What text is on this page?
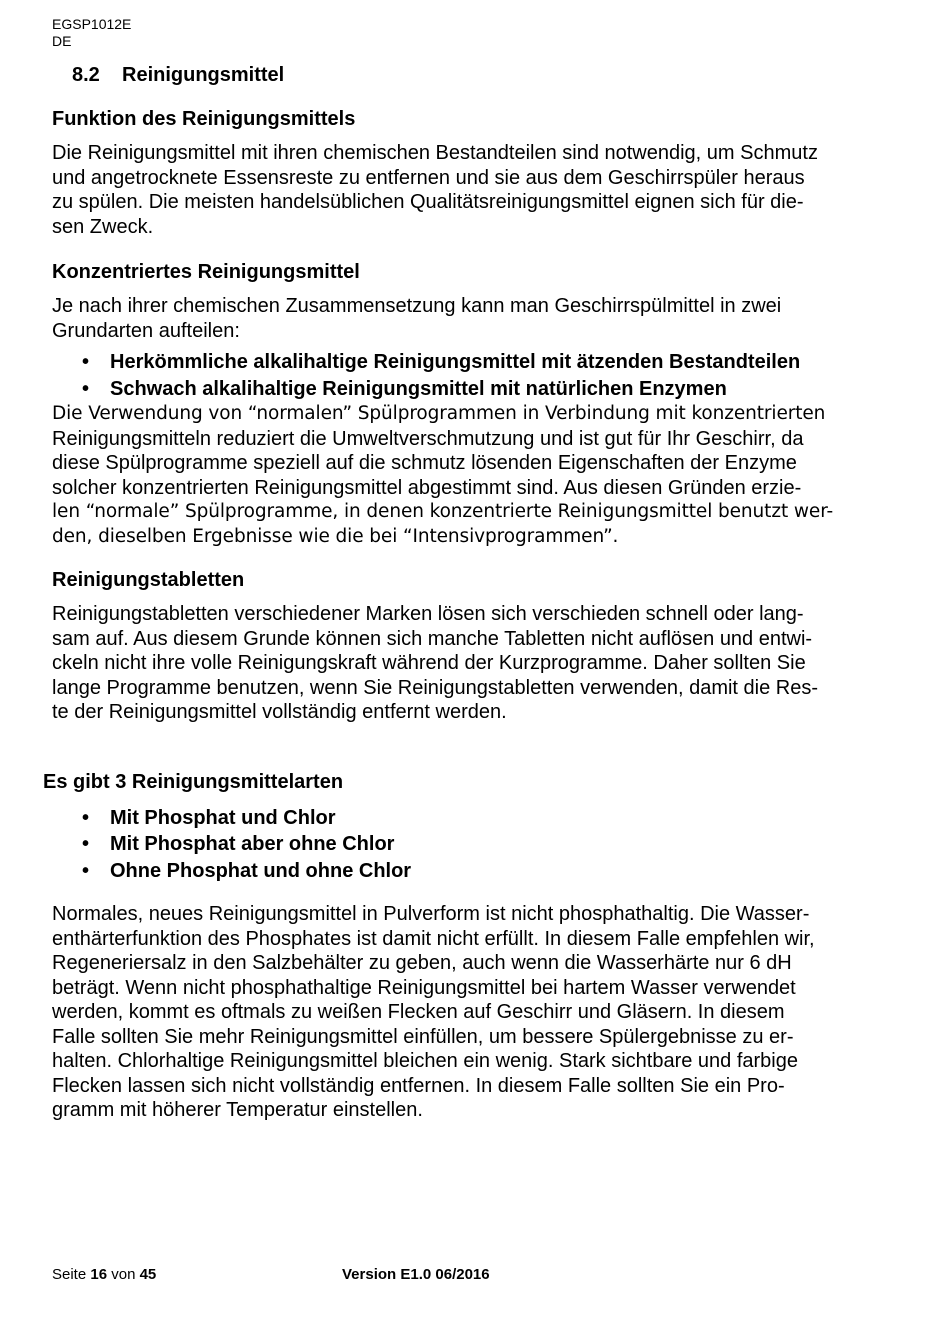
EGSP1012E
DE
8.2 Reinigungsmittel
Funktion des Reinigungsmittels

Die Reinigungsmittel mit ihren chemischen Bestandteilen sind notwendig, um Schmutz

und angetrocknete Essensreste zu entfernen und sie aus dem Geschirrspüler heraus

zu spülen. Die meisten handelsüblichen Qualitätsreinigungsmittel eignen sich für die-

sen Zweck.

Konzentriertes Reinigungsmittel

Je nach ihrer chemischen Zusammensetzung kann man Geschirrspülmittel in zwei

Grundarten aufteilen:

•	Herkömmliche alkalihaltige Reinigungsmittel mit ätzenden Bestandteilen
•	Schwach alkalihaltige Reinigungsmittel mit natürlichen Enzymen

Die Verwendung von “normalen” Spülprogrammen in Verbindung mit konzentrierten

Reinigungsmitteln reduziert die Umweltverschmutzung und ist gut für Ihr Geschirr, da

diese Spülprogramme speziell auf die schmutz lösenden Eigenschaften der Enzyme

solcher konzentrierten Reinigungsmittel abgestimmt sind. Aus diesen Gründen erzie-

len “normale” Spülprogramme, in denen konzentrierte Reinigungsmittel benutzt wer-

den, dieselben Ergebnisse wie die bei “Intensivprogrammen”.

Reinigungstabletten

Reinigungstabletten verschiedener Marken lösen sich verschieden schnell oder lang-

sam auf. Aus diesem Grunde können sich manche Tabletten nicht auflösen und entwi-

ckeln nicht ihre volle Reinigungskraft während der Kurzprogramme. Daher sollten Sie

lange Programme benutzen, wenn Sie Reinigungstabletten verwenden, damit die Res-

te der Reinigungsmittel vollständig entfernt werden.

Es gibt 3 Reinigungsmittelarten
•	Mit Phosphat und Chlor
•	Mit Phosphat aber ohne Chlor
•	Ohne Phosphat und ohne Chlor

Normales, neues Reinigungsmittel in Pulverform ist nicht phosphathaltig. Die Wasser-

enthärterfunktion des Phosphates ist damit nicht erfüllt. In diesem Falle empfehlen wir,

Regeneriersalz in den Salzbehälter zu geben, auch wenn die Wasserhärte nur 6 dH

beträgt. Wenn nicht phosphathaltige Reinigungsmittel bei hartem Wasser verwendet

werden, kommt es oftmals zu weißen Flecken auf Geschirr und Gläsern. In diesem

Falle sollten Sie mehr Reinigungsmittel einfüllen, um bessere Spülergebnisse zu er-

halten. Chlorhaltige Reinigungsmittel bleichen ein wenig. Stark sichtbare und farbige

Flecken lassen sich nicht vollständig entfernen. In diesem Falle sollten Sie ein Pro-

gramm mit höherer Temperatur einstellen.

Seite 16 von 45	Version E1.0 06/2016
